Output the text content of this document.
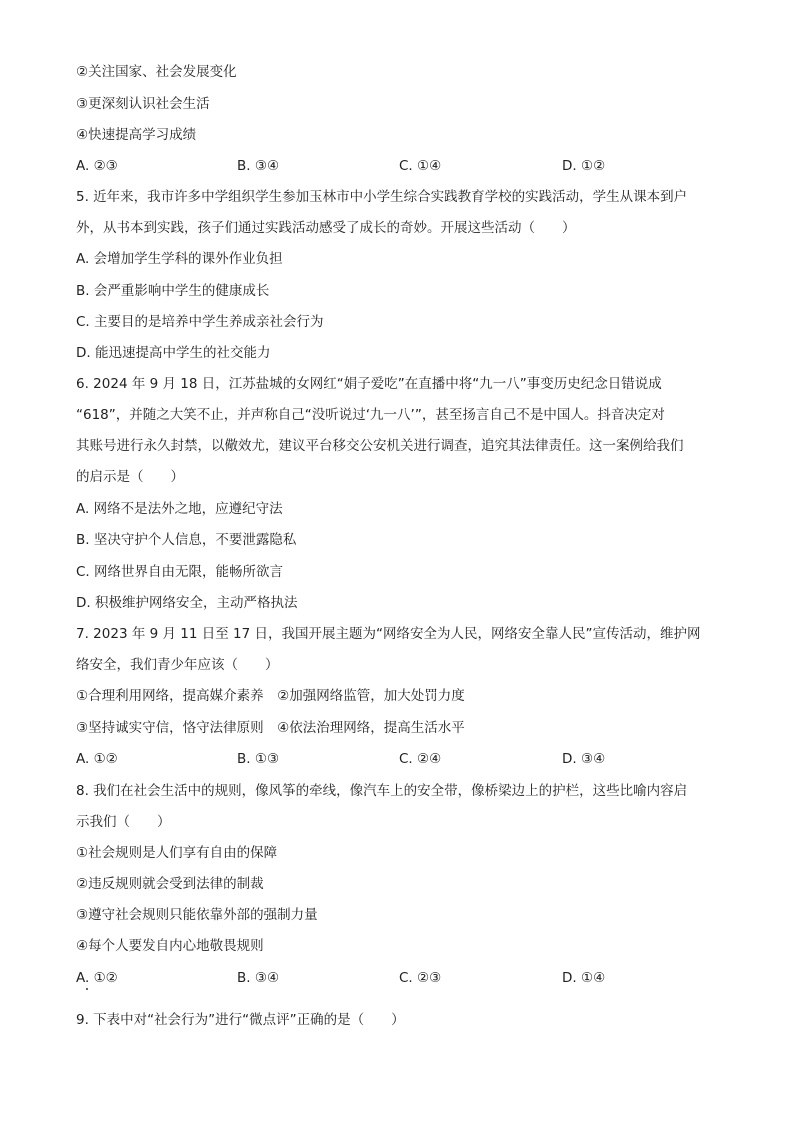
②关注国家、社会发展变化
③更深刻认识社会生活
④快速提高学习成绩
A. ②③	B. ③④	C. ①④	D. ①②
5. 近年来，我市许多中学组织学生参加玉林市中小学生综合实践教育学校的实践活动，学生从课本到户
外，从书本到实践，孩子们通过实践活动感受了成长的奇妙。开展这些活动（　　）
A. 会增加学生学科的课外作业负担
B. 会严重影响中学生的健康成长
C. 主要目的是培养中学生养成亲社会行为
D. 能迅速提高中学生的社交能力
6. 2024 年 9 月 18 日，江苏盐城的女网红“娟子爱吃”在直播中将“九一八”事变历史纪念日错说成
“618”，并随之大笑不止，并声称自己“没听说过‘九一八’”，甚至扬言自己不是中国人。抖音决定对
其账号进行永久封禁，以儆效尤，建议平台移交公安机关进行调查，追究其法律责任。这一案例给我们
的启示是（　　）
A. 网络不是法外之地，应遵纪守法
B. 坚决守护个人信息，不要泄露隐私
C. 网络世界自由无限，能畅所欲言
D. 积极维护网络安全，主动严格执法
7. 2023 年 9 月 11 日至 17 日，我国开展主题为“网络安全为人民，网络安全靠人民”宣传活动，维护网
络安全，我们青少年应该（　　）
①合理利用网络，提高媒介素养　②加强网络监管，加大处罚力度
③坚持诚实守信，恪守法律原则　④依法治理网络，提高生活水平
A. ①②	B. ①③	C. ②④	D. ③④
8. 我们在社会生活中的规则，像风筝的牵线，像汽车上的安全带，像桥梁边上的护栏，这些比喻内容启
示我们（　　）
①社会规则是人们享有自由的保障
②违反规则就会受到法律的制裁
③遵守社会规则只能依靠外部的强制力量
④每个人要发自内心地敬畏规则
A. ①②	B. ③④	C. ②③	D. ①④
9. 下表中对“社会行为”进行“微点评”正确的是（　　）
